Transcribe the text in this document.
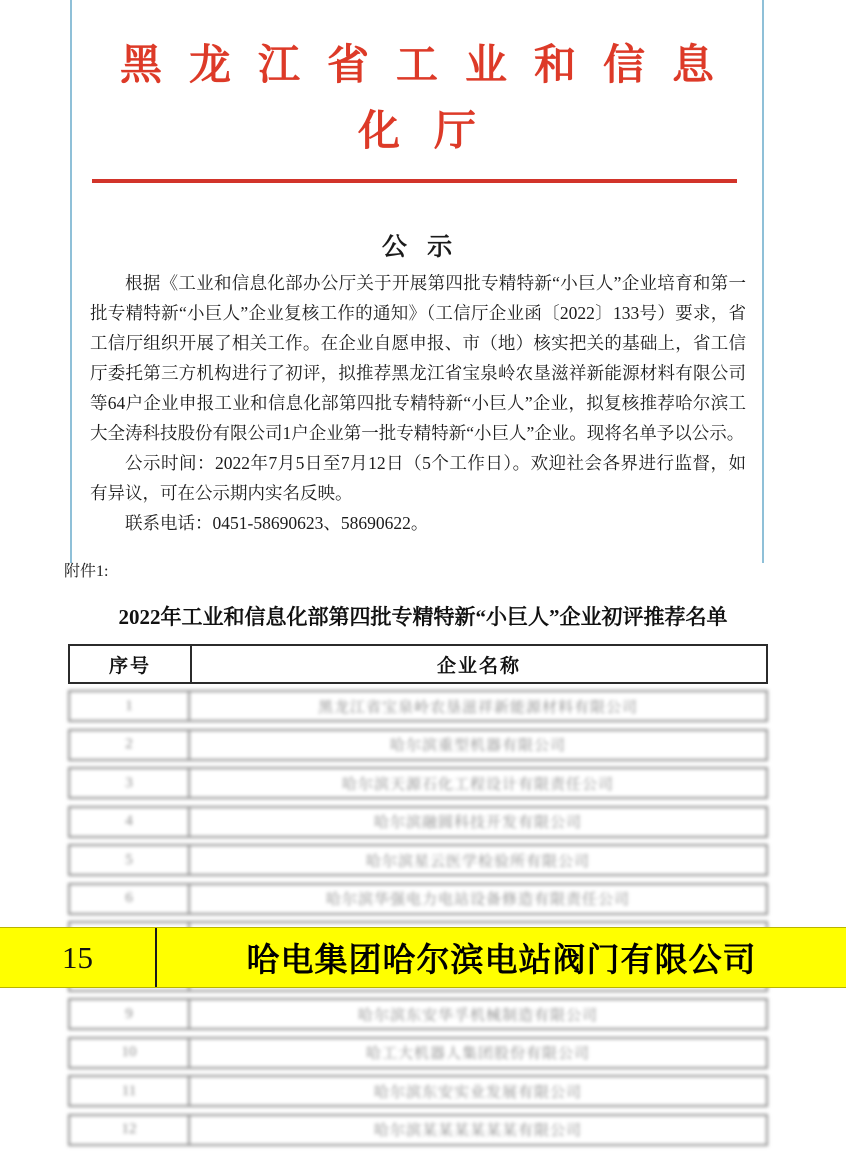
黑龙江省工业和信息
化厅
公 示

根据《工业和信息化部办公厅关于开展第四批专精特新“小巨人”企业培育和第一批专精特新“小巨人”企业复核工作的通知》（工信厅企业函〔2022〕133号）要求，省工信厅组织开展了相关工作。在企业自愿申报、市（地）核实把关的基础上，省工信厅委托第三方机构进行了初评，拟推荐黑龙江省宝泉岭农垦滋祥新能源材料有限公司等64户企业申报工业和信息化部第四批专精特新“小巨人”企业，拟复核推荐哈尔滨工大全涛科技股份有限公司1户企业第一批专精特新“小巨人”企业。现将名单予以公示。

公示时间：2022年7月5日至7月12日（5个工作日）。欢迎社会各界进行监督，如有异议，可在公示期内实名反映。

联系电话：0451-58690623、58690622。

附件1:
2022年工业和信息化部第四批专精特新“小巨人”企业初评推荐名单
序号	企业名称
1	黑龙江省宝泉岭农垦滋祥新能源材料有限公司
2	哈尔滨重型机器有限公司
3	哈尔滨天源石化工程设计有限责任公司
4	哈尔滨融圆科技开发有限公司
5	哈尔滨星云医学检验所有限公司
6	哈尔滨华强电力电站设备修造有限责任公司
9	哈尔滨东安华孚机械制造有限公司
10	哈工大机器人集团股份有限公司
11	哈尔滨东安实业发展有限公司
12	哈尔滨某某某某某某有限公司
15	哈电集团哈尔滨电站阀门有限公司
